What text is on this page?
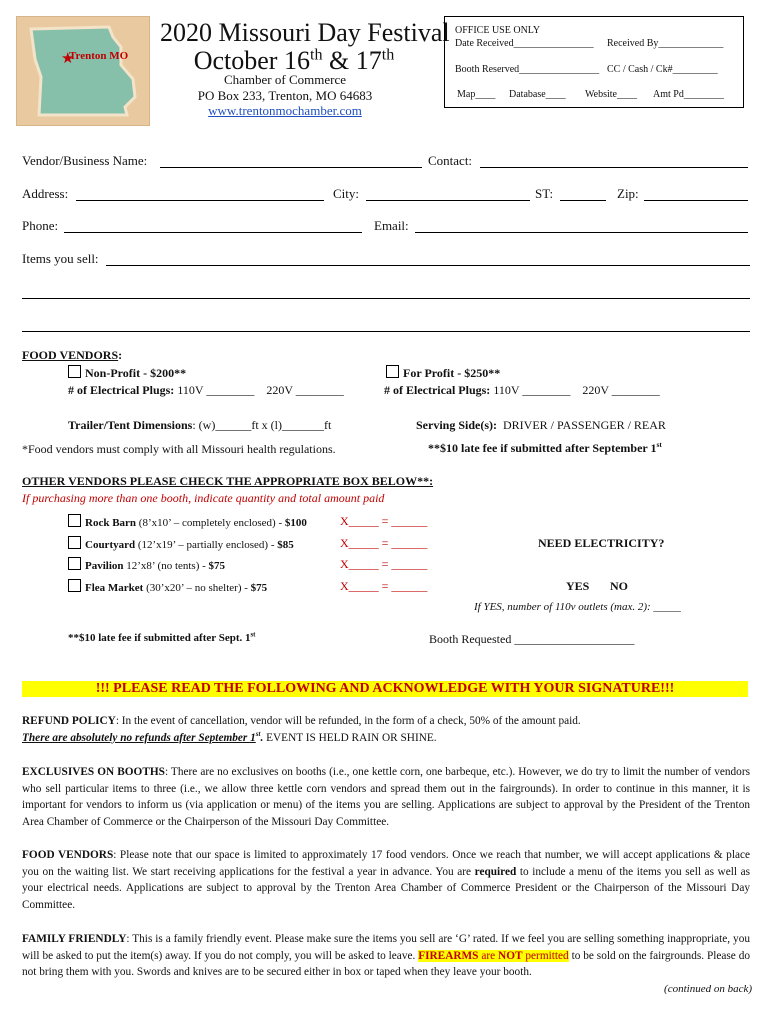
★
Trenton MO
2020 Missouri Day Festival
October 16th & 17th
Chamber of Commerce
PO Box 233, Trenton, MO 64683
www.trentonmochamber.com
OFFICE USE ONLY
Date Received________________ Received By_____________
Booth Reserved________________ CC / Cash / Ck#_________
Map____ Database____ Website____ Amt Pd________
Vendor/Business Name:	Contact:
Address:	City:	ST:	Zip:
Phone:	Email:
Items you sell:
FOOD VENDORS:
Non-Profit - $200**	For Profit - $250**
# of Electrical Plugs: 110V ________ 220V ________	# of Electrical Plugs: 110V ________ 220V ________
Trailer/Tent Dimensions: (w)______ft x (l)_______ft	Serving Side(s): DRIVER / PASSENGER / REAR
*Food vendors must comply with all Missouri health regulations.	**$10 late fee if submitted after September 1st
OTHER VENDORS PLEASE CHECK THE APPROPRIATE BOX BELOW**:
If purchasing more than one booth, indicate quantity and total amount paid
Rock Barn (8’x10’ – completely enclosed) - $100	X_____ = ______
Courtyard (12’x19’ – partially enclosed) - $85	X_____ = ______
Pavilion 12’x8’ (no tents) - $75	X_____ = ______
Flea Market (30’x20’ – no shelter) - $75	X_____ = ______
NEED ELECTRICITY?
YES NO
If YES, number of 110v outlets (max. 2): _____
**$10 late fee if submitted after Sept. 1st	Booth Requested ____________________
!!! PLEASE READ THE FOLLOWING AND ACKNOWLEDGE WITH YOUR SIGNATURE!!!
REFUND POLICY: In the event of cancellation, vendor will be refunded, in the form of a check, 50% of the amount paid.
There are absolutely no refunds after September 1st. EVENT IS HELD RAIN OR SHINE.
EXCLUSIVES ON BOOTHS: There are no exclusives on booths (i.e., one kettle corn, one barbeque, etc.). However, we do try to limit the number of vendors who sell particular items to three (i.e., we allow three kettle corn vendors and spread them out in the fairgrounds). In order to continue in this manner, it is important for vendors to inform us (via application or menu) of the items you are selling. Applications are subject to approval by the President of the Trenton Area Chamber of Commerce or the Chairperson of the Missouri Day Committee.
FOOD VENDORS: Please note that our space is limited to approximately 17 food vendors. Once we reach that number, we will accept applications & place you on the waiting list. We start receiving applications for the festival a year in advance. You are required to include a menu of the items you sell as well as your electrical needs. Applications are subject to approval by the Trenton Area Chamber of Commerce President or the Chairperson of the Missouri Day Committee.
FAMILY FRIENDLY: This is a family friendly event. Please make sure the items you sell are ‘G’ rated. If we feel you are selling something inappropriate, you will be asked to put the item(s) away. If you do not comply, you will be asked to leave. FIREARMS are NOT permitted to be sold on the fairgrounds. Please do not bring them with you. Swords and knives are to be secured either in box or taped when they leave your booth.
(continued on back)
